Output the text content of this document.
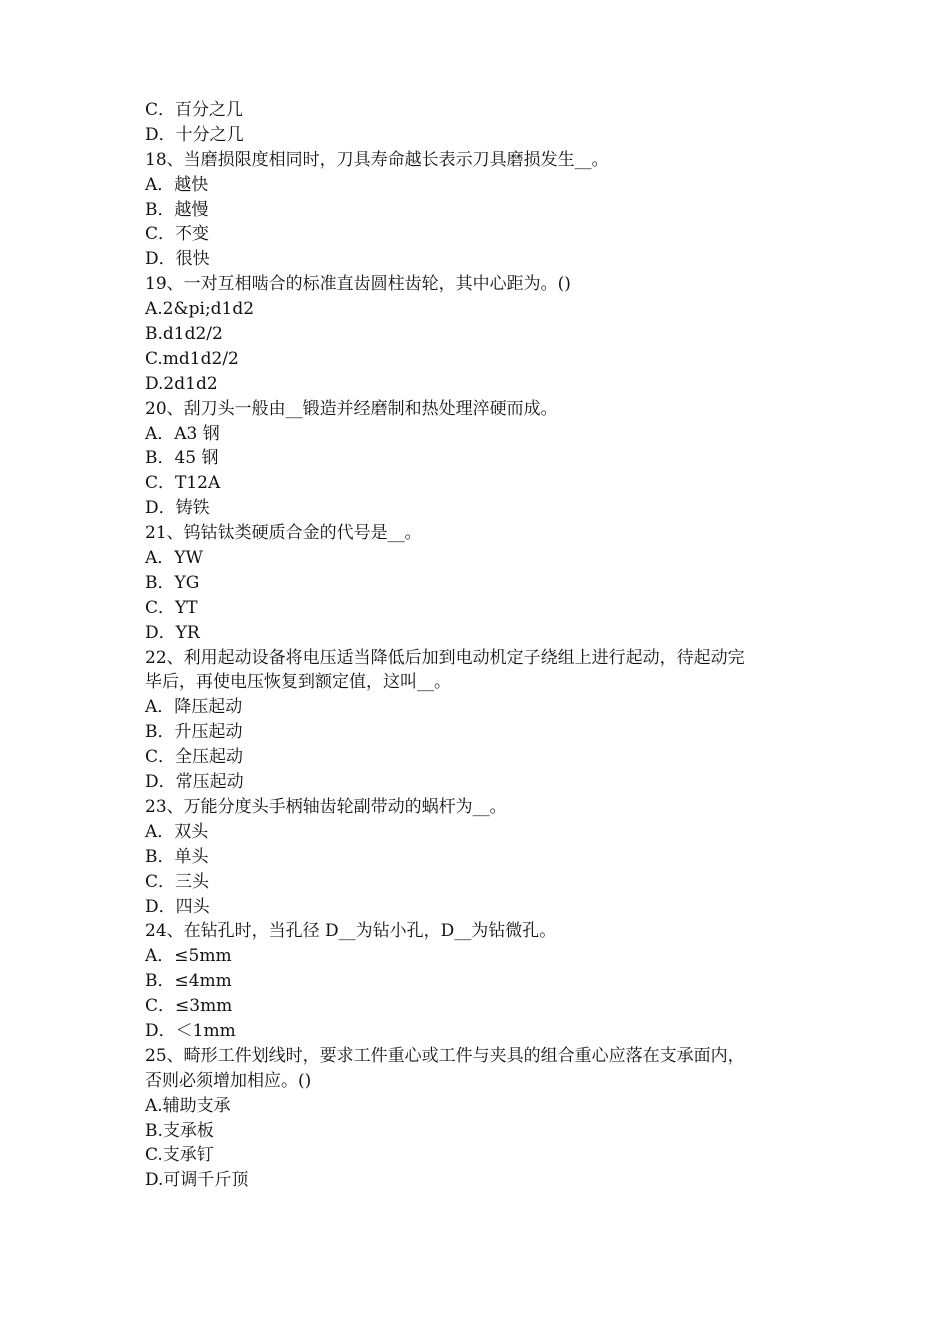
C．百分之几
D．十分之几
18、当磨损限度相同时，刀具寿命越长表示刀具磨损发生__。
A．越快
B．越慢
C．不变
D．很快
19、一对互相啮合的标准直齿圆柱齿轮，其中心距为。()
A.2&pi;d1d2
B.d1d2/2
C.md1d2/2
D.2d1d2
20、刮刀头一般由__锻造并经磨制和热处理淬硬而成。
A．A3 钢
B．45 钢
C．T12A
D．铸铁
21、钨钴钛类硬质合金的代号是__。
A．YW
B．YG
C．YT
D．YR
22、利用起动设备将电压适当降低后加到电动机定子绕组上进行起动，待起动完
毕后，再使电压恢复到额定值，这叫__。
A．降压起动
B．升压起动
C．全压起动
D．常压起动
23、万能分度头手柄轴齿轮副带动的蜗杆为__。
A．双头
B．单头
C．三头
D．四头
24、在钻孔时，当孔径 D__为钻小孔，D__为钻微孔。
A．≤5mm
B．≤4mm
C．≤3mm
D．＜1mm
25、畸形工件划线时，要求工件重心或工件与夹具的组合重心应落在支承面内，
否则必须增加相应。()
A.辅助支承
B.支承板
C.支承钉
D.可调千斤顶
